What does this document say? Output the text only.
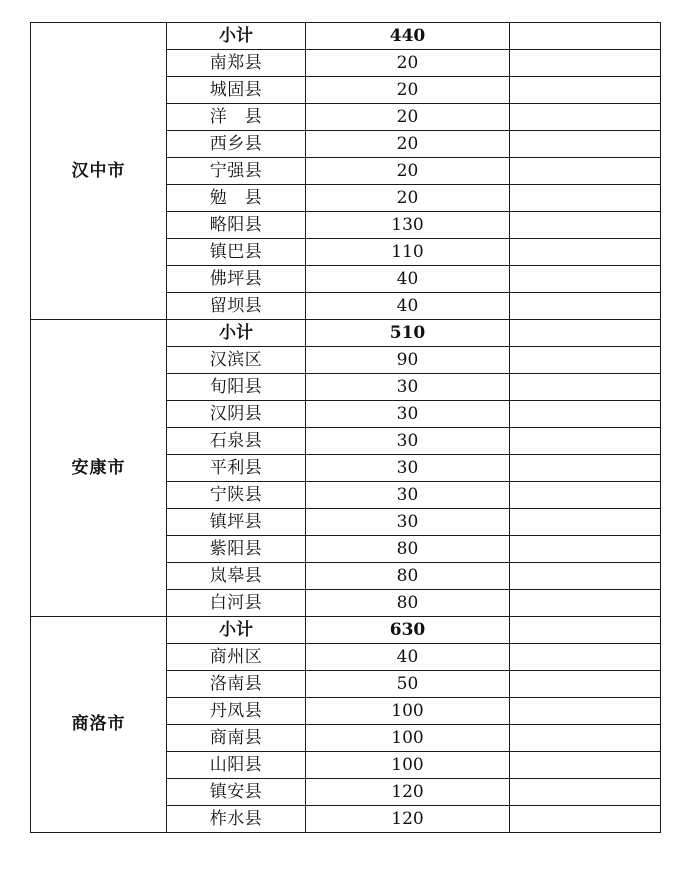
汉中市	小计	440	
	南郑县	20	
	城固县	20	
	洋　县	20	
	西乡县	20	
	宁强县	20	
	勉　县	20	
	略阳县	130	
	镇巴县	110	
	佛坪县	40	
	留坝县	40	
安康市	小计	510	
	汉滨区	90	
	旬阳县	30	
	汉阴县	30	
	石泉县	30	
	平利县	30	
	宁陕县	30	
	镇坪县	30	
	紫阳县	80	
	岚皋县	80	
	白河县	80	
商洛市	小计	630	
	商州区	40	
	洛南县	50	
	丹凤县	100	
	商南县	100	
	山阳县	100	
	镇安县	120	
	柞水县	120	
